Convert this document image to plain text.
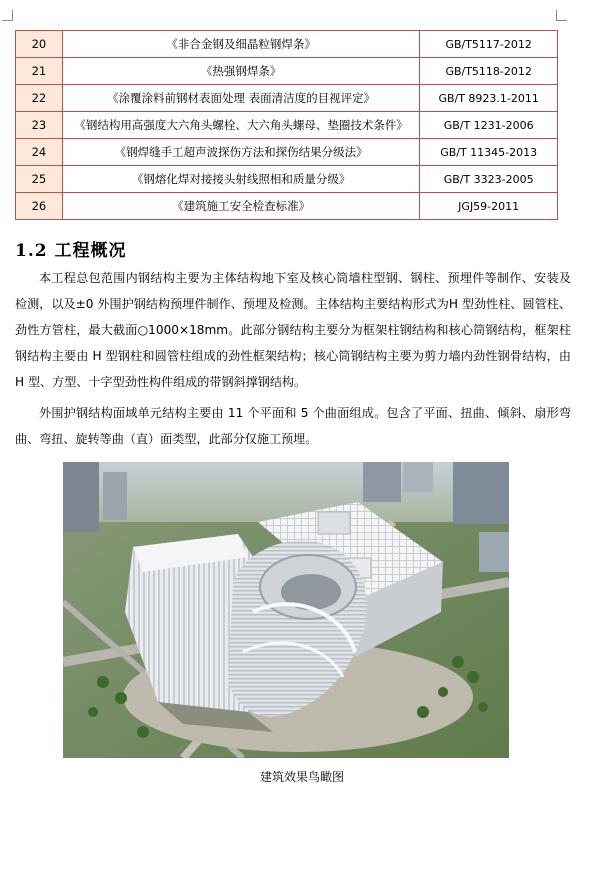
20	《非合金钢及细晶粒钢焊条》	GB/T5117-2012
21	《热强钢焊条》	GB/T5118-2012
22	《涂覆涂料前钢材表面处理 表面清洁度的目视评定》	GB/T 8923.1-2011
23	《钢结构用高强度大六角头螺栓、大六角头螺母、垫圈技术条件》	GB/T 1231-2006
24	《钢焊缝手工超声波探伤方法和探伤结果分级法》	GB/T 11345-2013
25	《钢熔化焊对接接头射线照相和质量分级》	GB/T 3323-2005
26	《建筑施工安全检查标准》	JGJ59-2011
1.2 工程概况

本工程总包范围内钢结构主要为主体结构地下室及核心筒墙柱型钢、钢柱、预埋件等制作、安装及检测，以及±0 外围护钢结构预埋件制作、预埋及检测。主体结构主要结构形式为H 型劲性柱、圆管柱、劲性方管柱，最大截面○1000×18mm。此部分钢结构主要分为框架柱钢结构和核心筒钢结构，框架柱钢结构主要由 H 型钢柱和圆管柱组成的劲性框架结构；核心筒钢结构主要为剪力墙内劲性钢骨结构，由H 型、方型、十字型劲性构件组成的带钢斜撑钢结构。

外围护钢结构面域单元结构主要由 11 个平面和 5 个曲面组成。包含了平面、扭曲、倾斜、扇形弯曲、弯扭、旋转等曲（直）面类型，此部分仅施工预埋。

建筑效果鸟瞰图
